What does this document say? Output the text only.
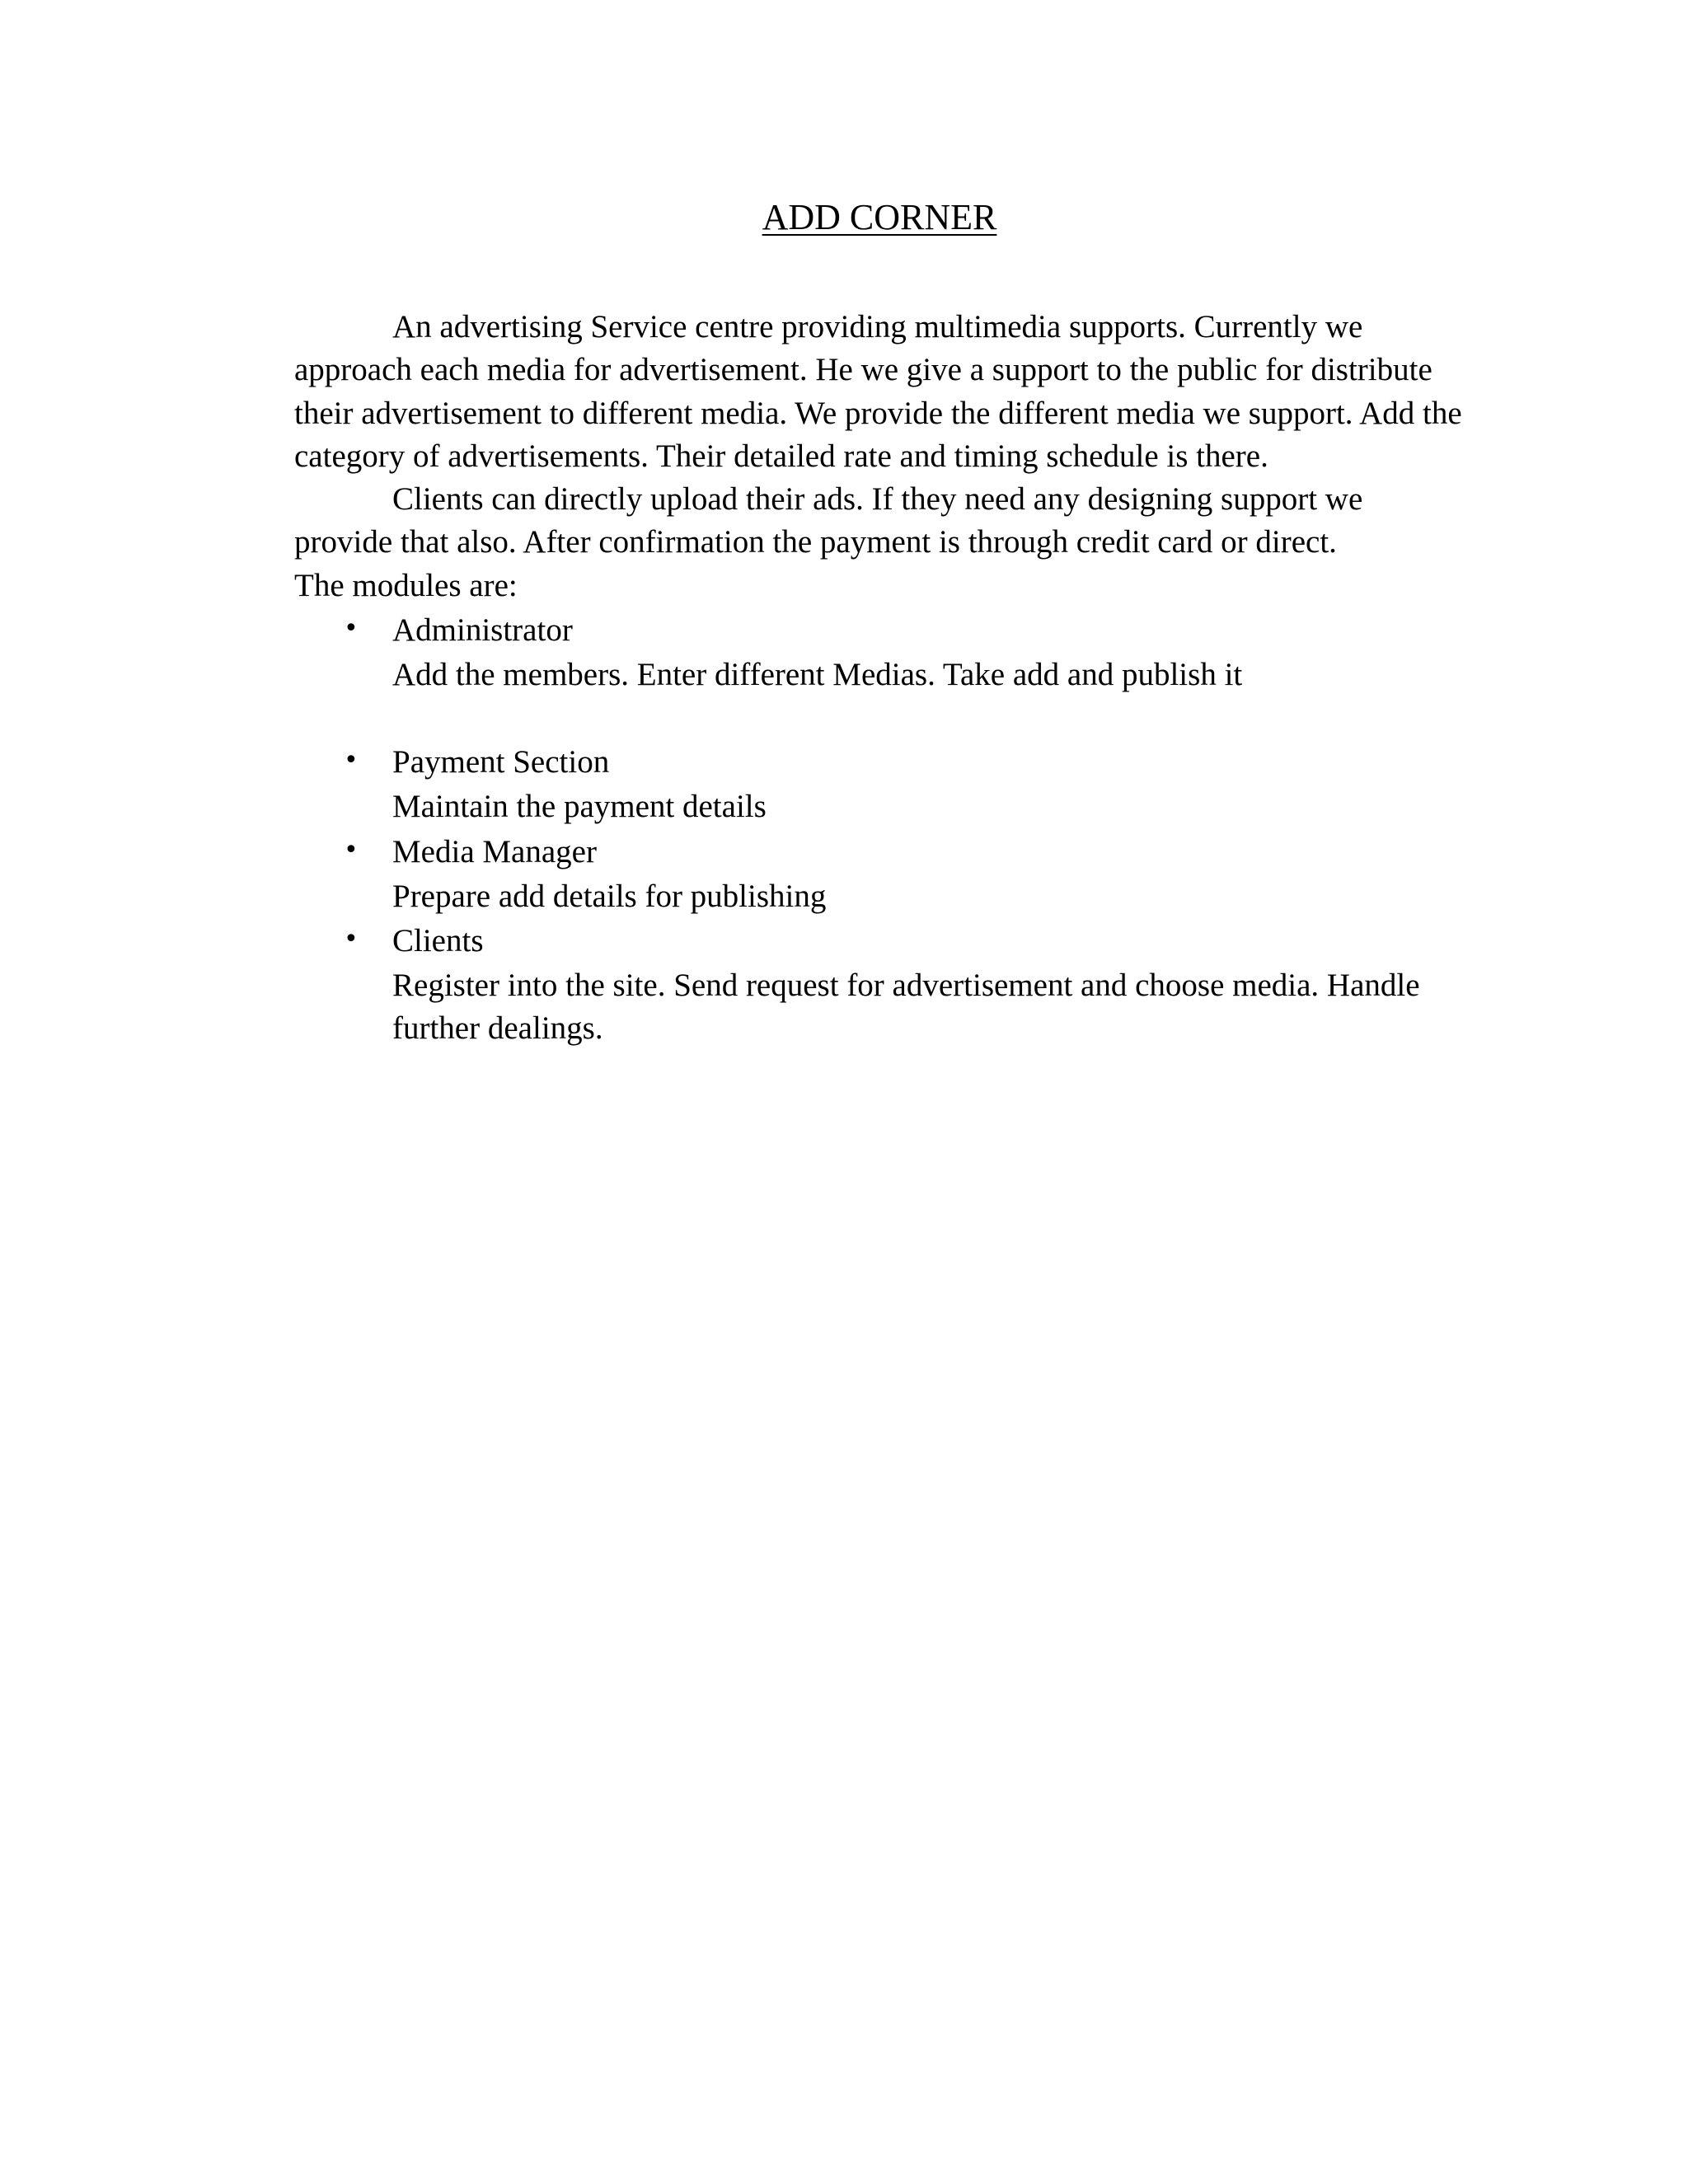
ADD CORNER

An advertising Service centre providing multimedia supports. Currently we approach each media for advertisement. He we give a support to the public for distribute their advertisement to different media. We provide the different media we support. Add the category of advertisements. Their detailed rate and timing schedule is there.

Clients can directly upload their ads. If they need any designing support we provide that also. After confirmation the payment is through credit card or direct.

The modules are:

• Administrator
Add the members. Enter different Medias. Take add and publish it
• Payment Section
Maintain the payment details
• Media Manager
Prepare add details for publishing
• Clients
Register into the site. Send request for advertisement and choose media. Handle further dealings.
